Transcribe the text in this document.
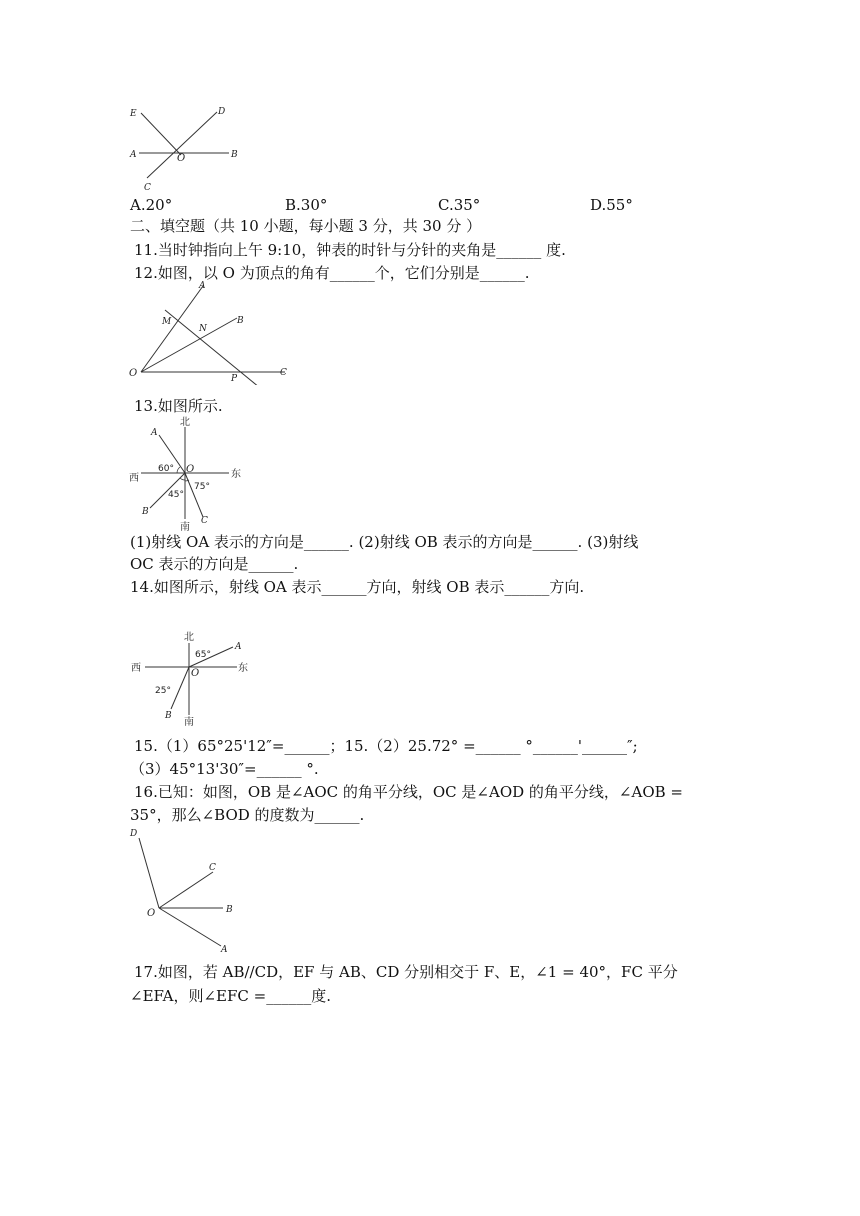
E	D
A	O	B
C
A.20°	B.30°	C.35°	D.55°
二、填空题（共 10 小题，每小题 3 分，共 30 分 ）
11.当时钟指向上午 9:10，钟表的时针与分针的夹角是______ 度.
12.如图，以 O 为顶点的角有______个，它们分别是______.
A
M
N
B
O	P
C
13.如图所示.
北
南
西	东
A
B
C
O
60°
45°
75°
(1)射线 OA 表示的方向是______. (2)射线 OB 表示的方向是______. (3)射线
OC 表示的方向是______.
14.如图所示，射线 OA 表示______方向，射线 OB 表示______方向.
北
南
西	东
A
B
O
65°
25°
15.（1）65°25'12″=______；15.（2）25.72° =______ °______'______″;
（3）45°13'30″=______ °.
16.已知：如图，OB 是∠AOC 的角平分线，OC 是∠AOD 的角平分线，∠AOB =
35°，那么∠BOD 的度数为______.
D
C
O	B
A
17.如图，若 AB//CD，EF 与 AB、CD 分别相交于 F、E，∠1 = 40°，FC 平分
∠EFA，则∠EFC =______度.
